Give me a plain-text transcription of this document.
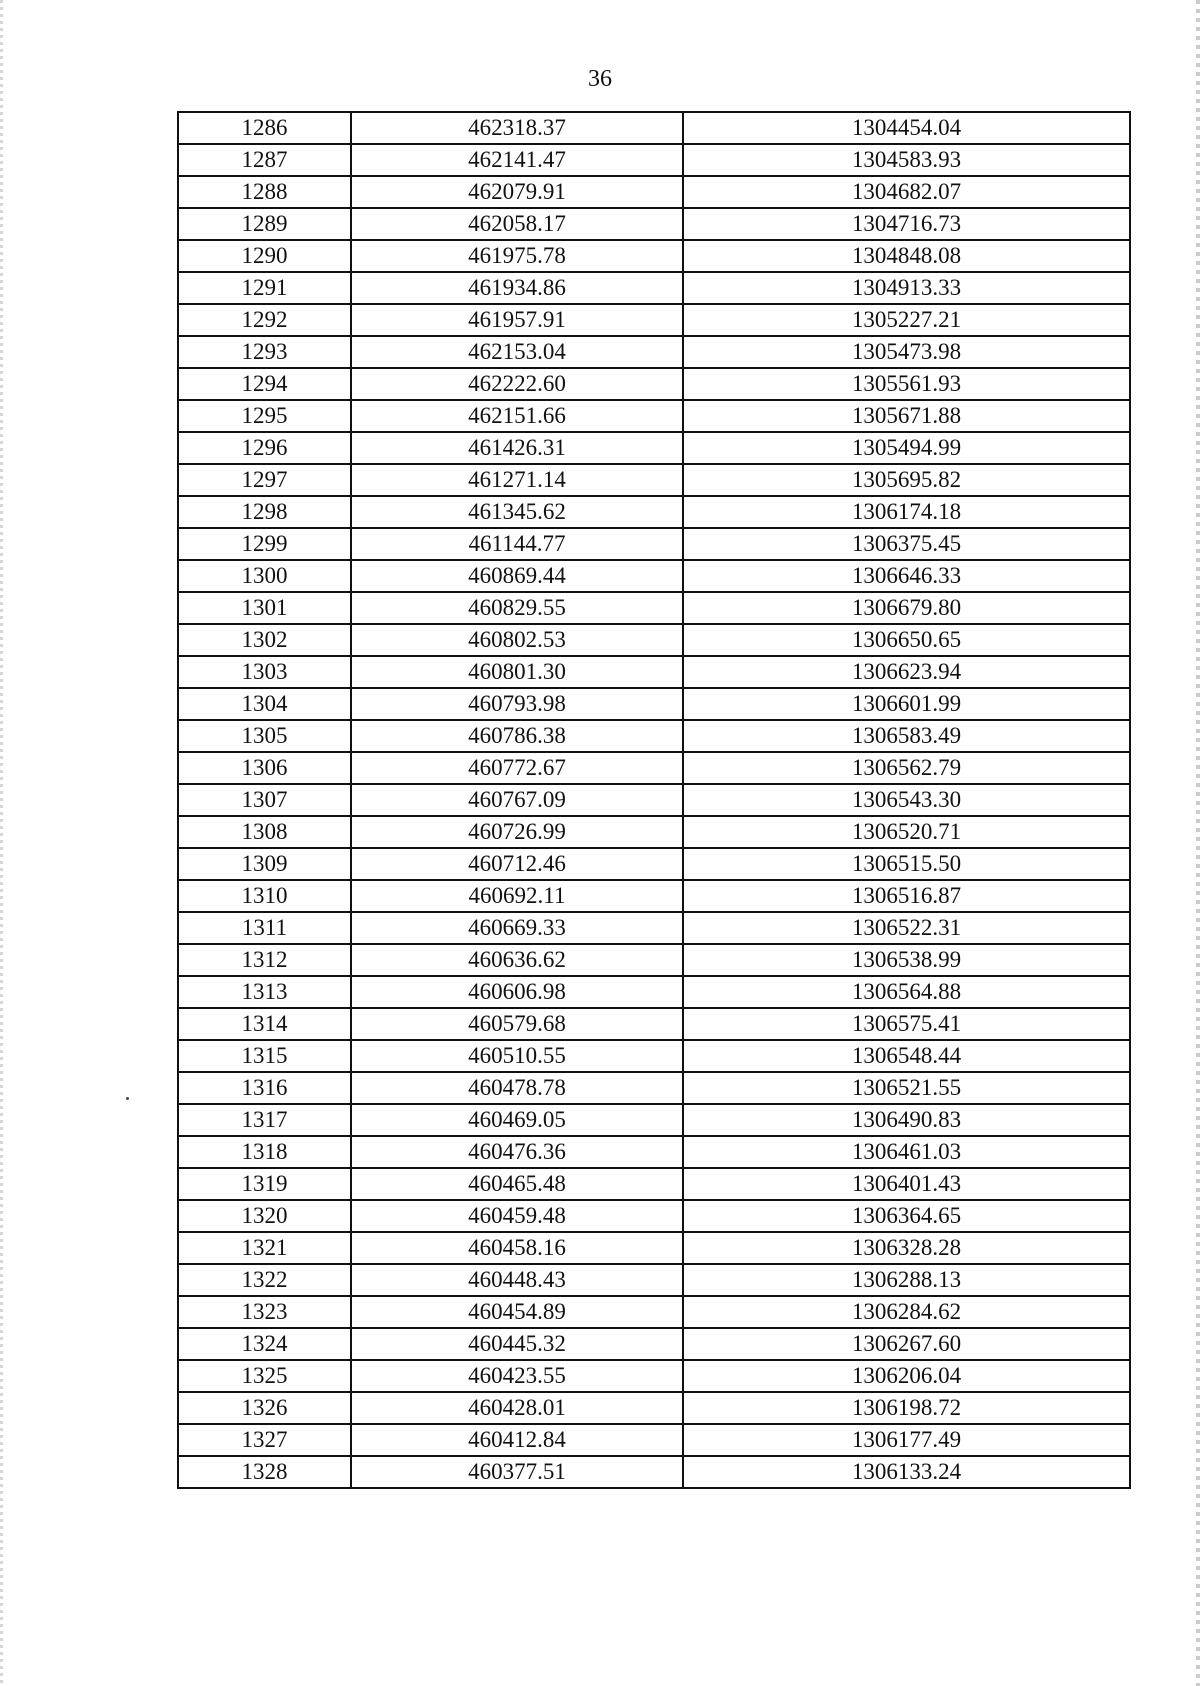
36
1286	462318.37	1304454.04
1287	462141.47	1304583.93
1288	462079.91	1304682.07
1289	462058.17	1304716.73
1290	461975.78	1304848.08
1291	461934.86	1304913.33
1292	461957.91	1305227.21
1293	462153.04	1305473.98
1294	462222.60	1305561.93
1295	462151.66	1305671.88
1296	461426.31	1305494.99
1297	461271.14	1305695.82
1298	461345.62	1306174.18
1299	461144.77	1306375.45
1300	460869.44	1306646.33
1301	460829.55	1306679.80
1302	460802.53	1306650.65
1303	460801.30	1306623.94
1304	460793.98	1306601.99
1305	460786.38	1306583.49
1306	460772.67	1306562.79
1307	460767.09	1306543.30
1308	460726.99	1306520.71
1309	460712.46	1306515.50
1310	460692.11	1306516.87
1311	460669.33	1306522.31
1312	460636.62	1306538.99
1313	460606.98	1306564.88
1314	460579.68	1306575.41
1315	460510.55	1306548.44
1316	460478.78	1306521.55
1317	460469.05	1306490.83
1318	460476.36	1306461.03
1319	460465.48	1306401.43
1320	460459.48	1306364.65
1321	460458.16	1306328.28
1322	460448.43	1306288.13
1323	460454.89	1306284.62
1324	460445.32	1306267.60
1325	460423.55	1306206.04
1326	460428.01	1306198.72
1327	460412.84	1306177.49
1328	460377.51	1306133.24
